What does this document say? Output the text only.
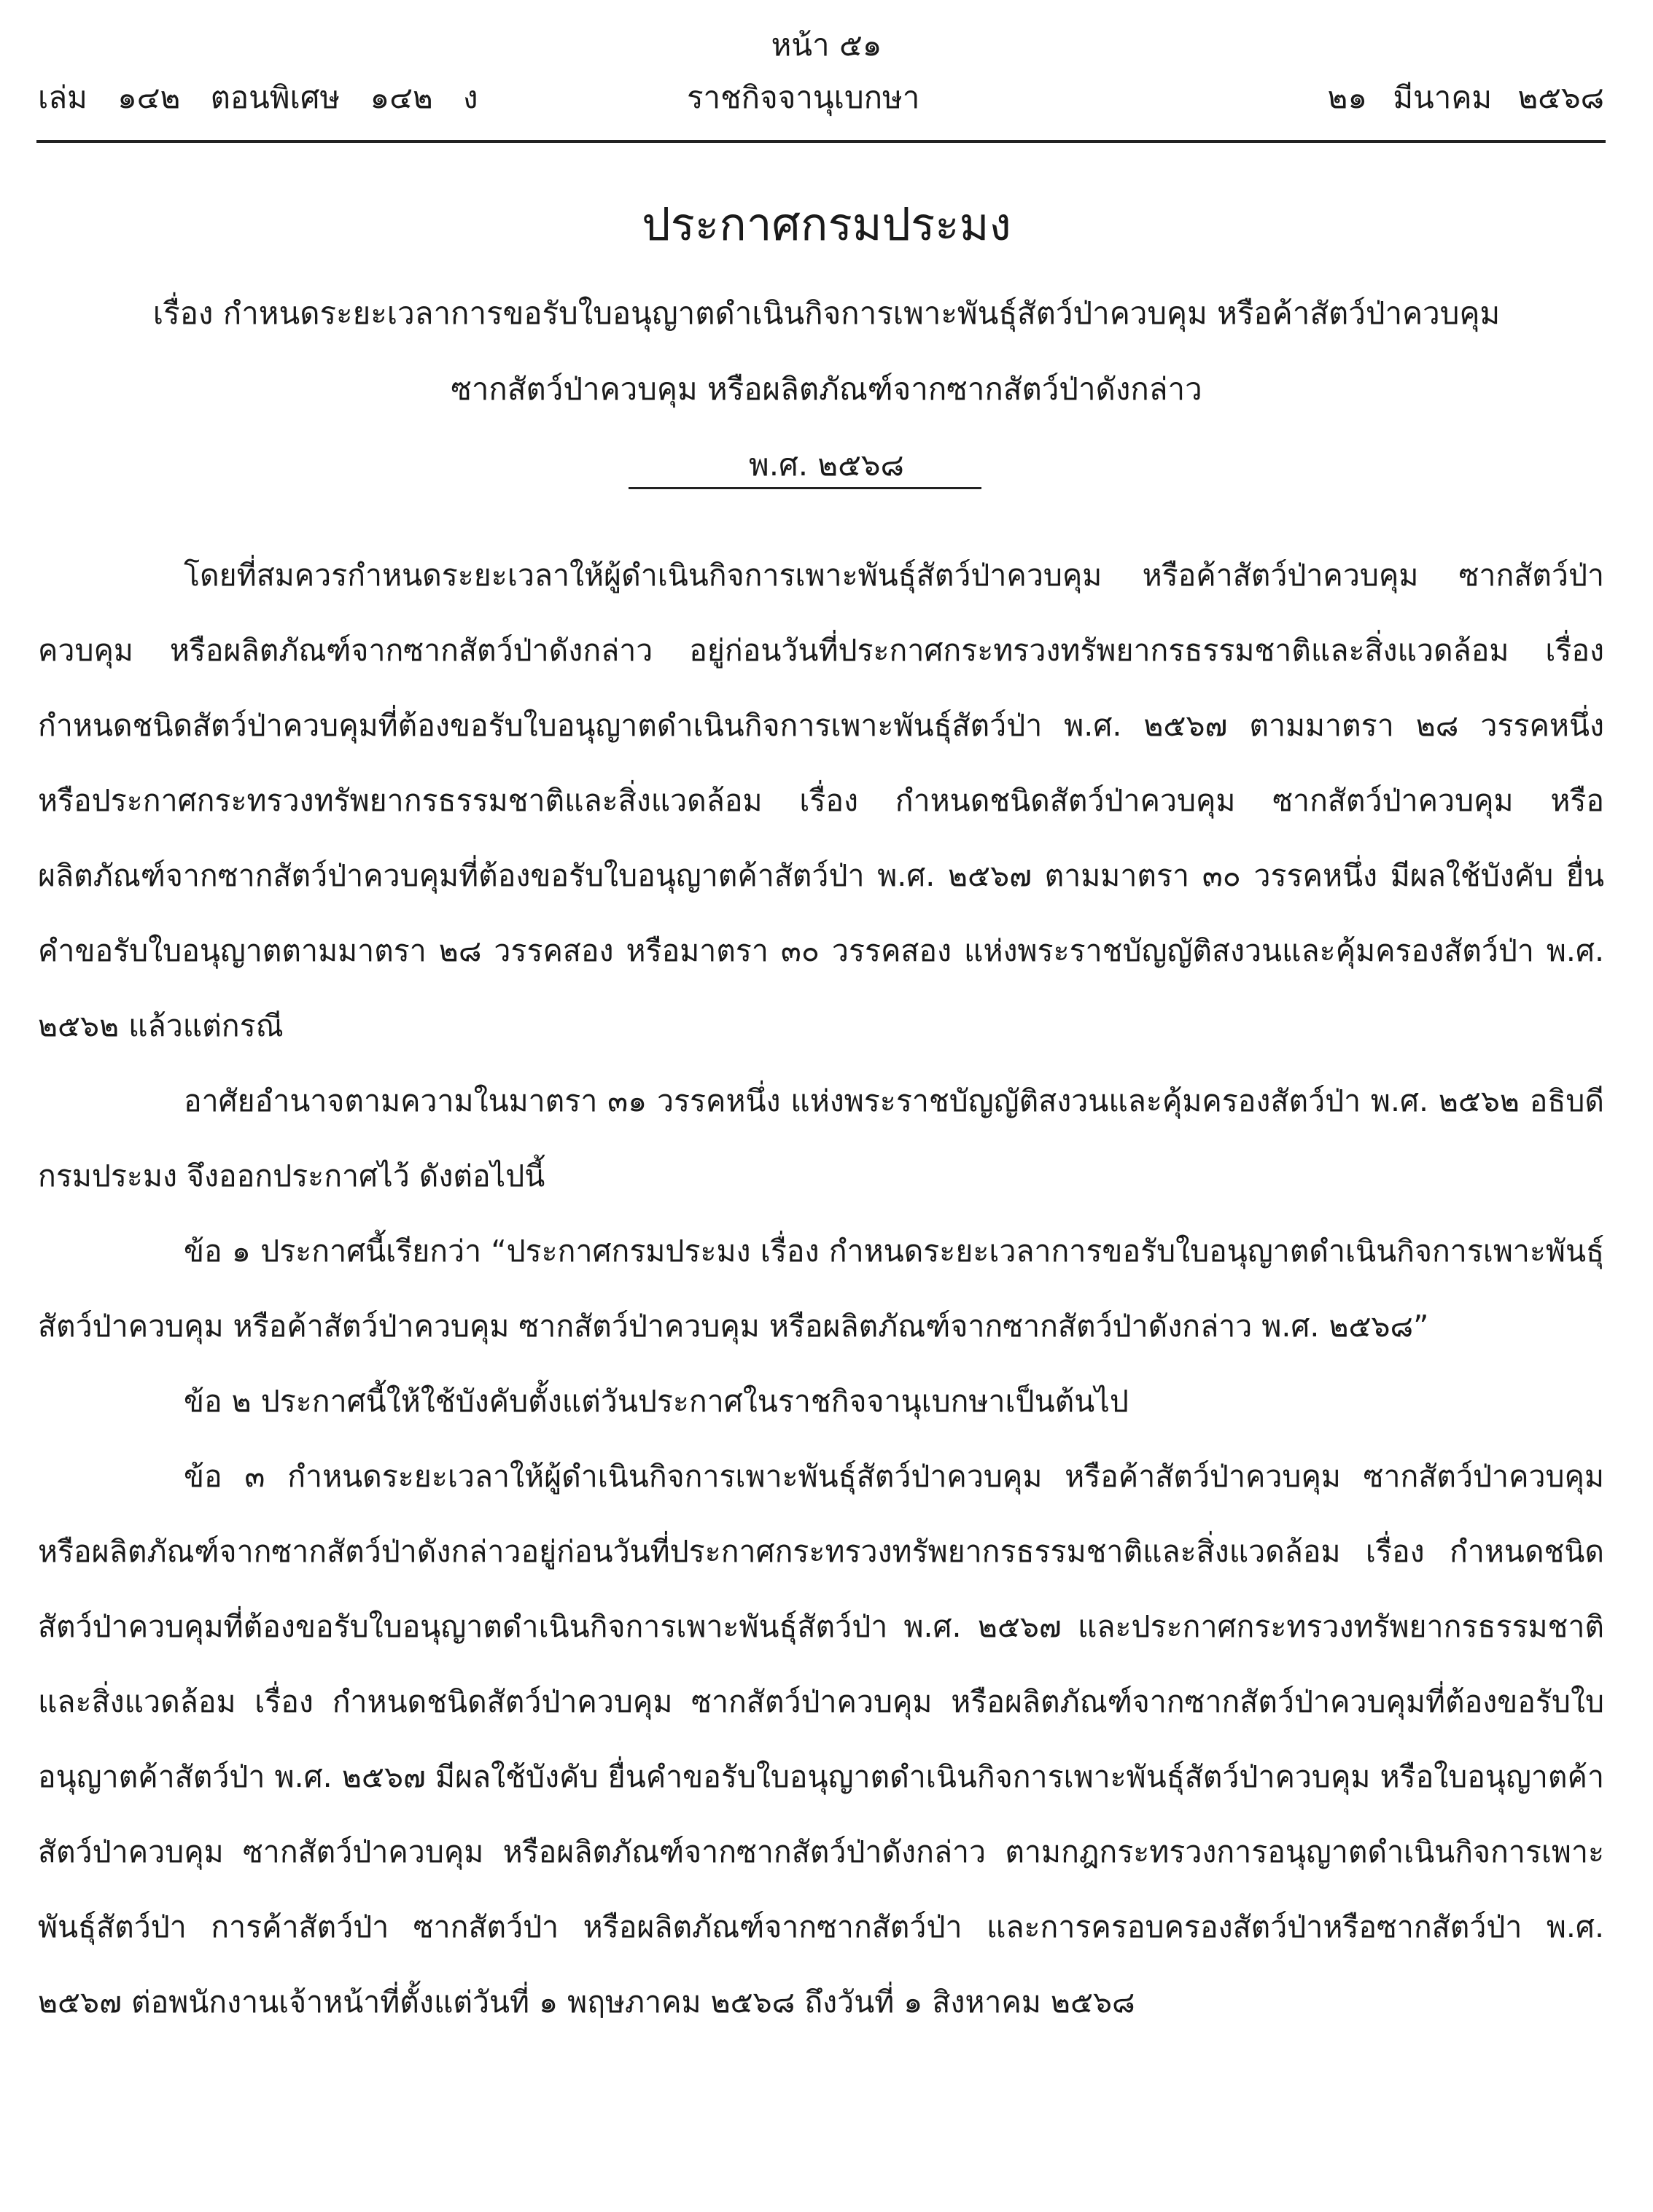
หน้า ๕๑
เล่ม ๑๔๒ ตอนพิเศษ ๑๔๒ ง	ราชกิจจานุเบกษา	๒๑ มีนาคม ๒๕๖๘
ประกาศกรมประมง
เรื่อง กำหนดระยะเวลาการขอรับใบอนุญาตดำเนินกิจการเพาะพันธุ์สัตว์ป่าควบคุม หรือค้าสัตว์ป่าควบคุม
ซากสัตว์ป่าควบคุม หรือผลิตภัณฑ์จากซากสัตว์ป่าดังกล่าว
พ.ศ. ๒๕๖๘

โดยที่สมควรกำหนดระยะเวลาให้ผู้ดำเนินกิจการเพาะพันธุ์สัตว์ป่าควบคุม หรือค้าสัตว์ป่าควบคุม ซากสัตว์ป่าควบคุม หรือผลิตภัณฑ์จากซากสัตว์ป่าดังกล่าว อยู่ก่อนวันที่ประกาศกระทรวงทรัพยากรธรรมชาติและสิ่งแวดล้อม เรื่อง กำหนดชนิดสัตว์ป่าควบคุมที่ต้องขอรับใบอนุญาตดำเนินกิจการเพาะพันธุ์สัตว์ป่า พ.ศ. ๒๕๖๗ ตามมาตรา ๒๘ วรรคหนึ่ง หรือประกาศกระทรวงทรัพยากรธรรมชาติและสิ่งแวดล้อม เรื่อง กำหนดชนิดสัตว์ป่าควบคุม ซากสัตว์ป่าควบคุม หรือผลิตภัณฑ์จากซากสัตว์ป่าควบคุมที่ต้องขอรับใบอนุญาตค้าสัตว์ป่า พ.ศ. ๒๕๖๗ ตามมาตรา ๓๐ วรรคหนึ่ง มีผลใช้บังคับ ยื่นคำขอรับใบอนุญาตตามมาตรา ๒๘ วรรคสอง หรือมาตรา ๓๐ วรรคสอง แห่งพระราชบัญญัติสงวนและคุ้มครองสัตว์ป่า พ.ศ. ๒๕๖๒ แล้วแต่กรณี

อาศัยอำนาจตามความในมาตรา ๓๑ วรรคหนึ่ง แห่งพระราชบัญญัติสงวนและคุ้มครองสัตว์ป่า พ.ศ. ๒๕๖๒ อธิบดีกรมประมง จึงออกประกาศไว้ ดังต่อไปนี้

ข้อ ๑ ประกาศนี้เรียกว่า “ประกาศกรมประมง เรื่อง กำหนดระยะเวลาการขอรับใบอนุญาตดำเนินกิจการเพาะพันธุ์สัตว์ป่าควบคุม หรือค้าสัตว์ป่าควบคุม ซากสัตว์ป่าควบคุม หรือผลิตภัณฑ์จากซากสัตว์ป่าดังกล่าว พ.ศ. ๒๕๖๘”

ข้อ ๒ ประกาศนี้ให้ใช้บังคับตั้งแต่วันประกาศในราชกิจจานุเบกษาเป็นต้นไป

ข้อ ๓ กำหนดระยะเวลาให้ผู้ดำเนินกิจการเพาะพันธุ์สัตว์ป่าควบคุม หรือค้าสัตว์ป่าควบคุม ซากสัตว์ป่าควบคุม หรือผลิตภัณฑ์จากซากสัตว์ป่าดังกล่าวอยู่ก่อนวันที่ประกาศกระทรวงทรัพยากรธรรมชาติและสิ่งแวดล้อม เรื่อง กำหนดชนิดสัตว์ป่าควบคุมที่ต้องขอรับใบอนุญาตดำเนินกิจการเพาะพันธุ์สัตว์ป่า พ.ศ. ๒๕๖๗ และประกาศกระทรวงทรัพยากรธรรมชาติและสิ่งแวดล้อม เรื่อง กำหนดชนิดสัตว์ป่าควบคุม ซากสัตว์ป่าควบคุม หรือผลิตภัณฑ์จากซากสัตว์ป่าควบคุมที่ต้องขอรับใบอนุญาตค้าสัตว์ป่า พ.ศ. ๒๕๖๗ มีผลใช้บังคับ ยื่นคำขอรับใบอนุญาตดำเนินกิจการเพาะพันธุ์สัตว์ป่าควบคุม หรือใบอนุญาตค้าสัตว์ป่าควบคุม ซากสัตว์ป่าควบคุม หรือผลิตภัณฑ์จากซากสัตว์ป่าดังกล่าว ตามกฎกระทรวงการอนุญาตดำเนินกิจการเพาะพันธุ์สัตว์ป่า การค้าสัตว์ป่า ซากสัตว์ป่า หรือผลิตภัณฑ์จากซากสัตว์ป่า และการครอบครองสัตว์ป่าหรือซากสัตว์ป่า พ.ศ. ๒๕๖๗ ต่อพนักงานเจ้าหน้าที่ตั้งแต่วันที่ ๑ พฤษภาคม ๒๕๖๘ ถึงวันที่ ๑ สิงหาคม ๒๕๖๘
